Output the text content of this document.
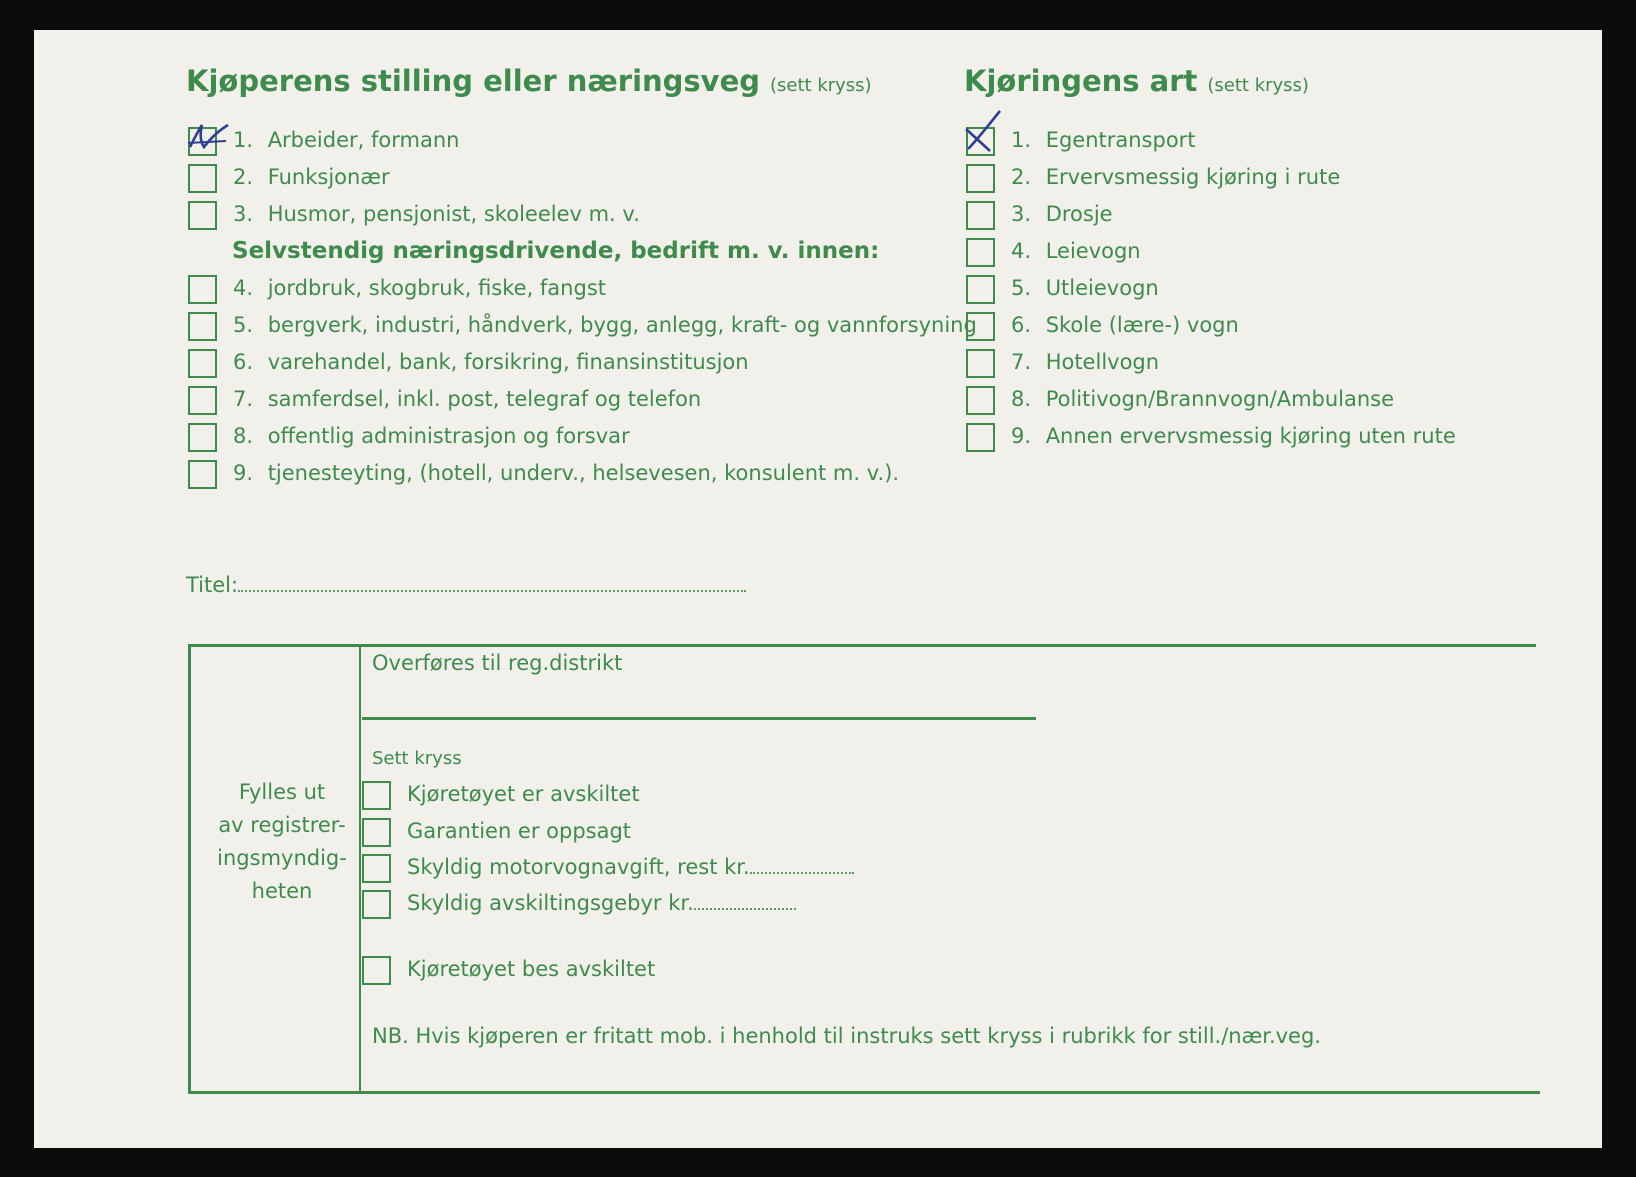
Kjøperens stilling eller næringsveg (sett kryss)
1. Arbeider, formann
2. Funksjonær
3. Husmor, pensjonist, skoleelev m. v.
Selvstendig næringsdrivende, bedrift m. v. innen:
4. jordbruk, skogbruk, fiske, fangst
5. bergverk, industri, håndverk, bygg, anlegg, kraft- og vannforsyning
6. varehandel, bank, forsikring, finansinstitusjon
7. samferdsel, inkl. post, telegraf og telefon
8. offentlig administrasjon og forsvar
9. tjenesteyting, (hotell, underv., helsevesen, konsulent m. v.).
Kjøringens art (sett kryss)
1. Egentransport
2. Ervervsmessig kjøring i rute
3. Drosje
4. Leievogn
5. Utleievogn
6. Skole (lære-) vogn
7. Hotellvogn
8. Politivogn/Brannvogn/Ambulanse
9. Annen ervervsmessig kjøring uten rute
Titel:
Fylles ut
av registrer-
ingsmyndig-
heten
Overføres til reg.distrikt
Sett kryss
Kjøretøyet er avskiltet
Garantien er oppsagt
Skyldig motorvognavgift, rest kr.
Skyldig avskiltingsgebyr kr.
Kjøretøyet bes avskiltet
NB. Hvis kjøperen er fritatt mob. i henhold til instruks sett kryss i rubrikk for still./nær.veg.
